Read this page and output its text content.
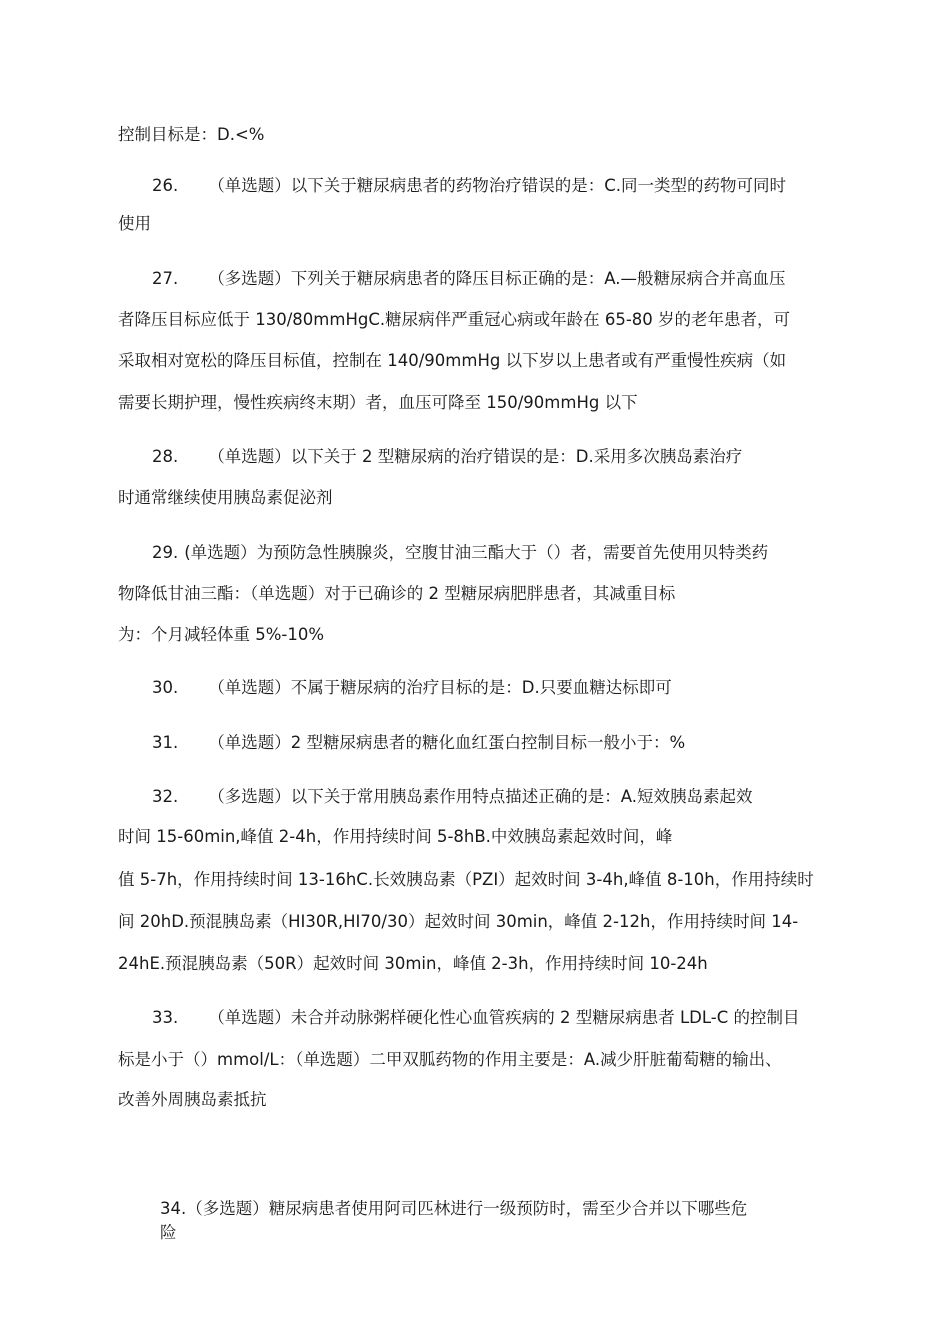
控制目标是：D.<%
26. （单选题）以下关于糖尿病患者的药物治疗错误的是：C.同一类型的药物可同时
使用
27. （多选题）下列关于糖尿病患者的降压目标正确的是：A.—般糖尿病合并高血压
者降压目标应低于 130/80mmHgC.糖尿病伴严重冠心病或年龄在 65-80 岁的老年患者，可
采取相对宽松的降压目标值，控制在 140/90mmHg 以下岁以上患者或有严重慢性疾病（如
需要长期护理，慢性疾病终末期）者，血压可降至 150/90mmHg 以下
28. （单选题）以下关于 2 型糖尿病的治疗错误的是：D.采用多次胰岛素治疗
时通常继续使用胰岛素促泌剂
29. (单选题）为预防急性胰腺炎，空腹甘油三酯大于（）者，需要首先使用贝特类药
物降低甘油三酯：（单选题）对于已确诊的 2 型糖尿病肥胖患者，其减重目标
为：个月减轻体重 5%-10%
30. （单选题）不属于糖尿病的治疗目标的是：D.只要血糖达标即可
31. （单选题）2 型糖尿病患者的糖化血红蛋白控制目标一般小于：%
32. （多选题）以下关于常用胰岛素作用特点描述正确的是：A.短效胰岛素起效
时间 15-60min,峰值 2-4h，作用持续时间 5-8hB.中效胰岛素起效时间，峰
值 5-7h，作用持续时间 13-16hC.长效胰岛素（PZI）起效时间 3-4h,峰值 8-10h，作用持续时
间 20hD.预混胰岛素（HI30R,HI70/30）起效时间 30min，峰值 2-12h，作用持续时间 14-
24hE.预混胰岛素（50R）起效时间 30min，峰值 2-3h，作用持续时间 10-24h
33. （单选题）未合并动脉粥样硬化性心血管疾病的 2 型糖尿病患者 LDL-C 的控制目
标是小于（）mmol/L：（单选题）二甲双胍药物的作用主要是：A.减少肝脏葡萄糖的输出、
改善外周胰岛素抵抗
34.（多选题）糖尿病患者使用阿司匹林进行一级预防时，需至少合并以下哪些危
险
